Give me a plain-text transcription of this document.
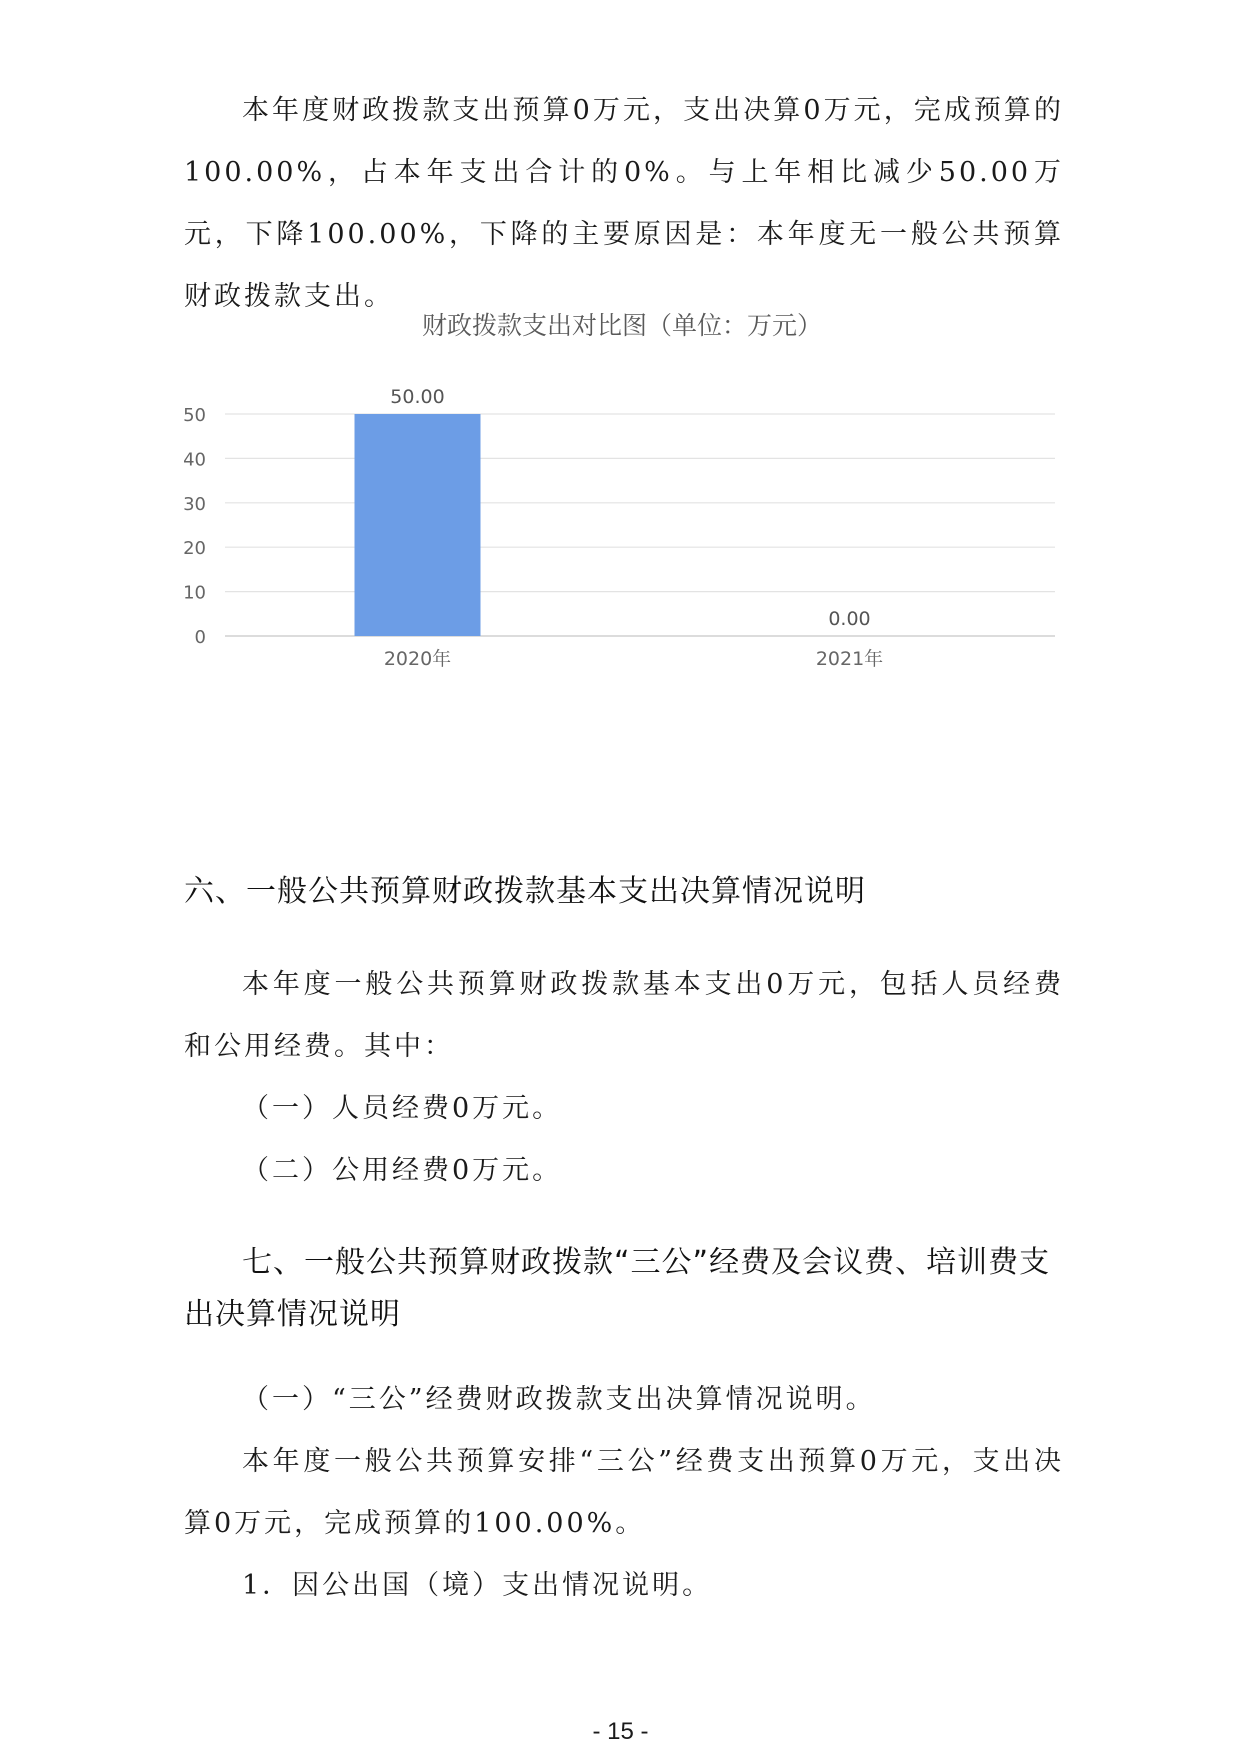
本年度财政拨款支出预算0万元，支出决算0万元，完成预算的100.00%，占本年支出合计的0%。与上年相比减少50.00万元，下降100.00%，下降的主要原因是：本年度无一般公共预算财政拨款支出。

财政拨款支出对比图（单位：万元）
0
10
20
30
40
50
50.00
0.00
2020年	2021年
六、一般公共预算财政拨款基本支出决算情况说明

本年度一般公共预算财政拨款基本支出0万元，包括人员经费和公用经费。其中：

（一）人员经费0万元。

（二）公用经费0万元。

七、一般公共预算财政拨款“三公”经费及会议费、培训费支出决算情况说明

（一）“三公”经费财政拨款支出决算情况说明。

本年度一般公共预算安排“三公”经费支出预算0万元，支出决算0万元，完成预算的100.00%。

1．因公出国（境）支出情况说明。

- 15 -
